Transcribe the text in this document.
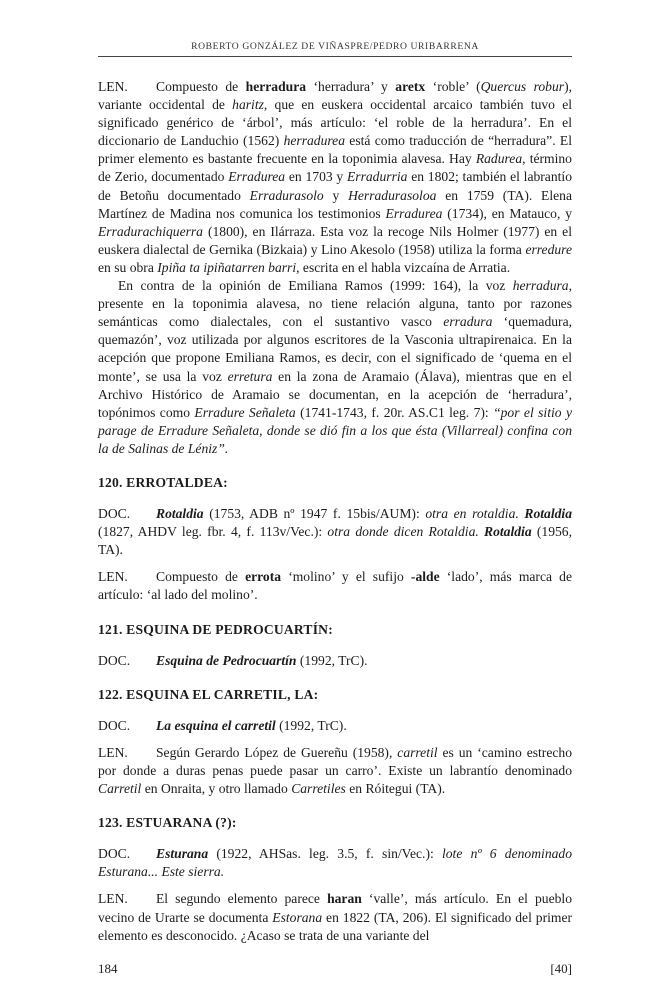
ROBERTO GONZÁLEZ DE VIÑASPRE/PEDRO URIBARRENA

LEN. Compuesto de herradura ‘herradura’ y aretx ‘roble’ (Quercus robur), variante occidental de haritz, que en euskera occidental arcaico también tuvo el significado genérico de ‘árbol’, más artículo: ‘el roble de la herradura’. En el diccionario de Landuchio (1562) herradurea está como traducción de “herradura”. El primer elemento es bastante frecuente en la toponimia alavesa. Hay Radurea, término de Zerio, documentado Erradurea en 1703 y Erradurria en 1802; también el labrantío de Betoñu documentado Erradurasolo y Herradurasoloa en 1759 (TA). Elena Martínez de Madina nos comunica los testimonios Erradurea (1734), en Matauco, y Erradurachiquerra (1800), en Ilárraza. Esta voz la recoge Nils Holmer (1977) en el euskera dialectal de Gernika (Bizkaia) y Lino Akesolo (1958) utiliza la forma erredure en su obra Ipiña ta ipiñatarren barri, escrita en el habla vizcaína de Arratia.

En contra de la opinión de Emiliana Ramos (1999: 164), la voz herradura, presente en la toponimia alavesa, no tiene relación alguna, tanto por razones semánticas como dialectales, con el sustantivo vasco erradura ‘quemadura, quemazón’, voz utilizada por algunos escritores de la Vasconia ultrapirenaica. En la acepción que propone Emiliana Ramos, es decir, con el significado de ‘quema en el monte’, se usa la voz erretura en la zona de Aramaio (Álava), mientras que en el Archivo Histórico de Aramaio se documentan, en la acepción de ‘herradura’, topónimos como Erradure Señaleta (1741-1743, f. 20r. AS.C1 leg. 7): “por el sitio y parage de Erradure Señaleta, donde se dió fin a los que ésta (Villarreal) confina con la de Salinas de Léniz”.

120. ERROTALDEA:

DOC. Rotaldia (1753, ADB nº 1947 f. 15bis/AUM): otra en rotaldia. Rotaldia (1827, AHDV leg. fbr. 4, f. 113v/Vec.): otra donde dicen Rotaldia. Rotaldia (1956, TA).

LEN. Compuesto de errota ‘molino’ y el sufijo -alde ‘lado’, más marca de artículo: ‘al lado del molino’.

121. ESQUINA DE PEDROCUARTÍN:

DOC. Esquina de Pedrocuartín (1992, TrC).

122. ESQUINA EL CARRETIL, LA:

DOC. La esquina el carretil (1992, TrC).

LEN. Según Gerardo López de Guereñu (1958), carretil es un ‘camino estrecho por donde a duras penas puede pasar un carro’. Existe un labrantío denominado Carretil en Onraita, y otro llamado Carretiles en Róitegui (TA).

123. ESTUARANA (?):

DOC. Esturana (1922, AHSas. leg. 3.5, f. sin/Vec.): lote nº 6 denominado Esturana... Este sierra.

LEN. El segundo elemento parece haran ‘valle’, más artículo. En el pueblo vecino de Urarte se documenta Estorana en 1822 (TA, 206). El significado del primer elemento es desconocido. ¿Acaso se trata de una variante del

184	[40]
